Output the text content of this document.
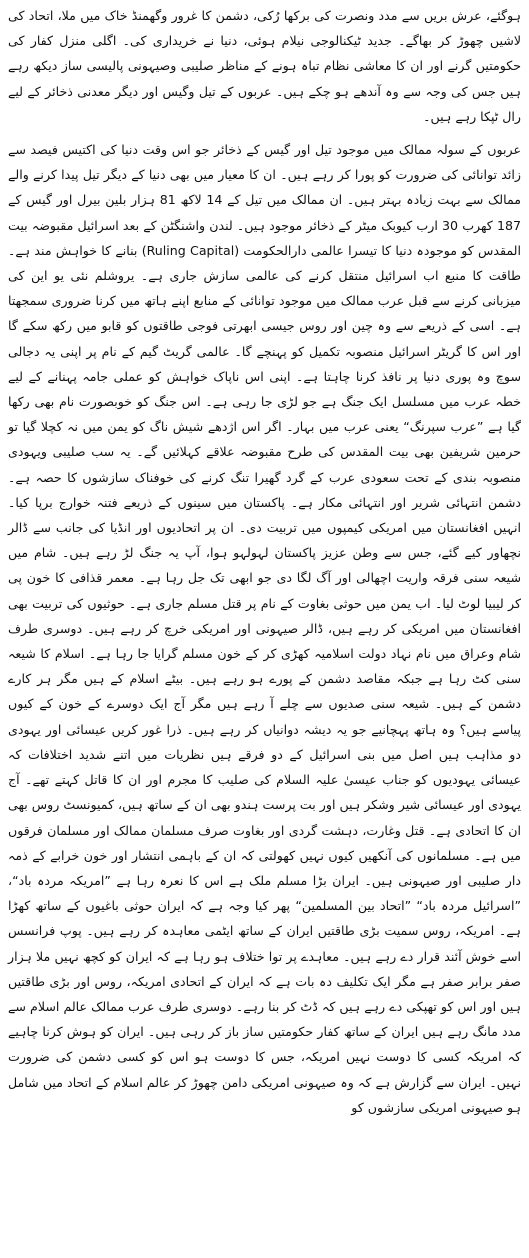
ہوگئے، عرش بریں سے مدد ونصرت کی برکھا رُکی، دشمن کا غرور وگھمنڈ خاک میں ملا، اتحاد کی لاشیں چھوڑ کر بھاگے۔ جدید ٹیکنالوجی نیلام ہوئی، دنیا نے خریداری کی۔ اگلی منزل کفار کی حکومتیں گرنے اور ان کا معاشی نظام تباہ ہونے کے مناظر صلیبی وصیہونی پالیسی ساز دیکھ رہے ہیں جس کی وجہ سے وہ آندھے ہو چکے ہیں۔ عربوں کے تیل وگیس اور دیگر معدنی ذخائر کے لیے رال ٹپکا رہے ہیں۔

عربوں کے سولہ ممالک میں موجود تیل اور گیس کے ذخائر جو اس وقت دنیا کی اکتیس فیصد سے زائد توانائی کی ضرورت کو پورا کر رہے ہیں۔ ان کا معیار میں بھی دنیا کے دیگر تیل پیدا کرنے والے ممالک سے بہت زیادہ بہتر ہیں۔ ان ممالک میں تیل کے 14 لاکھ 81 ہزار بلین بیرل اور گیس کے 187 کھرب 30 ارب کیوبک میٹر کے ذخائر موجود ہیں۔ لندن واشنگٹن کے بعد اسرائیل مقبوضہ بیت المقدس کو موجودہ دنیا کا تیسرا عالمی دارالحکومت (Ruling Capital) بنانے کا خواہش مند ہے۔ طاقت کا منبع اب اسرائیل منتقل کرنے کی عالمی سازش جاری ہے۔ یروشلم نئی یو این کی میزبانی کرنے سے قبل عرب ممالک میں موجود توانائی کے منابع اپنے ہاتھ میں کرنا ضروری سمجھتا ہے۔ اسی کے ذریعے سے وہ چین اور روس جیسی ابھرتی فوجی طاقتوں کو قابو میں رکھ سکے گا اور اس کا گریٹر اسرائیل منصوبہ تکمیل کو پہنچے گا۔ عالمی گریٹ گیم کے نام پر اپنی یہ دجالی سوچ وہ پوری دنیا پر نافذ کرنا چاہتا ہے۔ اپنی اس ناپاک خواہش کو عملی جامہ پہنانے کے لیے خطہ عرب میں مسلسل ایک جنگ ہے جو لڑی جا رہی ہے۔ اس جنگ کو خوبصورت نام بھی رکھا گیا ہے ”عرب سپرنگ“ یعنی عرب میں بہار۔ اگر اس اژدھے شیش ناگ کو یمن میں نہ کچلا گیا تو حرمین شریفین بھی بیت المقدس کی طرح مقبوضہ علاقے کہلائیں گے۔ یہ سب صلیبی ویہودی منصوبہ بندی کے تحت سعودی عرب کے گرد گھیرا تنگ کرنے کی خوفناک سازشوں کا حصہ ہے۔ دشمن انتہائی شریر اور انتہائی مکار ہے۔ پاکستان میں سینوں کے ذریعے فتنہ خوارج برپا کیا۔ انہیں افغانستان میں امریکی کیمپوں میں تربیت دی۔ ان پر اتحادیوں اور انڈیا کی جانب سے ڈالر نچھاور کیے گئے، جس سے وطن عزیز پاکستان لہولہو ہوا، آپ یہ جنگ لڑ رہے ہیں۔ شام میں شیعہ سنی فرقہ واریت اچھالی اور آگ لگا دی جو ابھی تک جل رہا ہے۔ معمر قذافی کا خون پی کر لیبیا لوٹ لیا۔ اب یمن میں حوثی بغاوت کے نام پر قتل مسلم جاری ہے۔ حوثیوں کی تربیت بھی افغانستان میں امریکی کر رہے ہیں، ڈالر صیہونی اور امریکی خرچ کر رہے ہیں۔ دوسری طرف شام وعراق میں نام نہاد دولت اسلامیہ کھڑی کر کے خون مسلم گرایا جا رہا ہے۔ اسلام کا شیعہ سنی کٹ رہا ہے جبکہ مقاصد دشمن کے پورے ہو رہے ہیں۔ بیٹے اسلام کے ہیں مگر ہر کارے دشمن کے ہیں۔ شیعہ سنی صدیوں سے چلے آ رہے ہیں مگر آج ایک دوسرے کے خون کے کیوں پیاسے ہیں؟ وہ ہاتھ پہچانیے جو یہ دیشہ دوانیاں کر رہے ہیں۔ ذرا غور کریں عیسائی اور یہودی دو مذاہب ہیں اصل میں بنی اسرائیل کے دو فرقے ہیں نظریات میں اتنے شدید اختلافات کہ عیسائی یہودیوں کو جناب عیسیٰ علیہ السلام کی صلیب کا مجرم اور ان کا قاتل کہتے تھے۔ آج یہودی اور عیسائی شیر وشکر ہیں اور بت پرست ہندو بھی ان کے ساتھ ہیں، کمیونسٹ روس بھی ان کا اتحادی ہے۔ قتل وغارت، دہشت گردی اور بغاوت صرف مسلمان ممالک اور مسلمان فرقوں میں ہے۔ مسلمانوں کی آنکھیں کیوں نہیں کھولتی کہ ان کے باہمی انتشار اور خون خرابے کے ذمہ دار صلیبی اور صیہونی ہیں۔ ایران بڑا مسلم ملک ہے اس کا نعرہ رہا ہے ”امریکہ مردہ باد“، ”اسرائیل مردہ باد“ ”اتحاد بین المسلمین“ پھر کیا وجہ ہے کہ ایران حوثی باغیوں کے ساتھ کھڑا ہے۔ امریکہ، روس سمیت بڑی طاقتیں ایران کے ساتھ ایٹمی معاہدہ کر رہے ہیں۔ پوپ فرانسس اسے خوش آئند قرار دے رہے ہیں۔ معاہدے پر توا ختلاف ہو رہا ہے کہ ایران کو کچھ نہیں ملا ہزار صفر برابر صفر ہے مگر ایک تکلیف دہ بات ہے کہ ایران کے اتحادی امریکہ، روس اور بڑی طاقتیں ہیں اور اس کو تھپکی دے رہے ہیں کہ ڈٹ کر بنا رہے۔ دوسری طرف عرب ممالک عالم اسلام سے مدد مانگ رہے ہیں ایران کے ساتھ کفار حکومتیں ساز باز کر رہی ہیں۔ ایران کو ہوش کرنا چاہیے کہ امریکہ کسی کا دوست نہیں امریکہ، جس کا دوست ہو اس کو کسی دشمن کی ضرورت نہیں۔ ایران سے گزارش ہے کہ وہ صیہونی امریکی دامن چھوڑ کر عالم اسلام کے اتحاد میں شامل ہو صیہونی امریکی سازشوں کو
